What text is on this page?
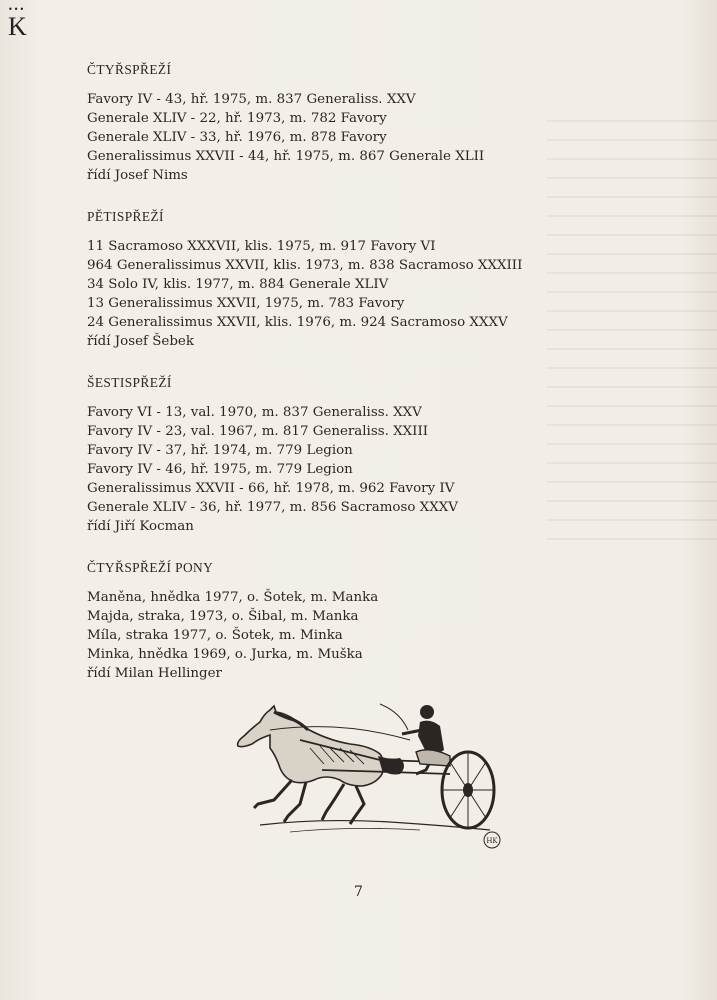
•••
K
ČTYŘSPŘEŽÍ
Favory IV - 43, hř. 1975, m. 837 Generaliss. XXV
Generale XLIV - 22, hř. 1973, m. 782 Favory
Generale XLIV - 33, hř. 1976, m. 878 Favory
Generalissimus XXVII - 44, hř. 1975, m. 867 Generale XLII
řídí Josef Nims
PĚTISPŘEŽÍ
11 Sacramoso XXXVII, klis. 1975, m. 917 Favory VI
964 Generalissimus XXVII, klis. 1973, m. 838 Sacramoso XXXIII
34 Solo IV, klis. 1977, m. 884 Generale XLIV
13 Generalissimus XXVII, 1975, m. 783 Favory
24 Generalissimus XXVII, klis. 1976, m. 924 Sacramoso XXXV
řídí Josef Šebek
ŠESTISPŘEŽÍ
Favory VI - 13, val. 1970, m. 837 Generaliss. XXV
Favory IV - 23, val. 1967, m. 817 Generaliss. XXIII
Favory IV - 37, hř. 1974, m. 779 Legion
Favory IV - 46, hř. 1975, m. 779 Legion
Generalissimus XXVII - 66, hř. 1978, m. 962 Favory IV
Generale XLIV - 36, hř. 1977, m. 856 Sacramoso XXXV
řídí Jiří Kocman
ČTYŘSPŘEŽÍ PONY
Maněna, hnědka 1977, o. Šotek, m. Manka
Majda, straka, 1973, o. Šibal, m. Manka
Míla, straka 1977, o. Šotek, m. Minka
Minka, hnědka 1969, o. Jurka, m. Muška
řídí Milan Hellinger
HK
7
